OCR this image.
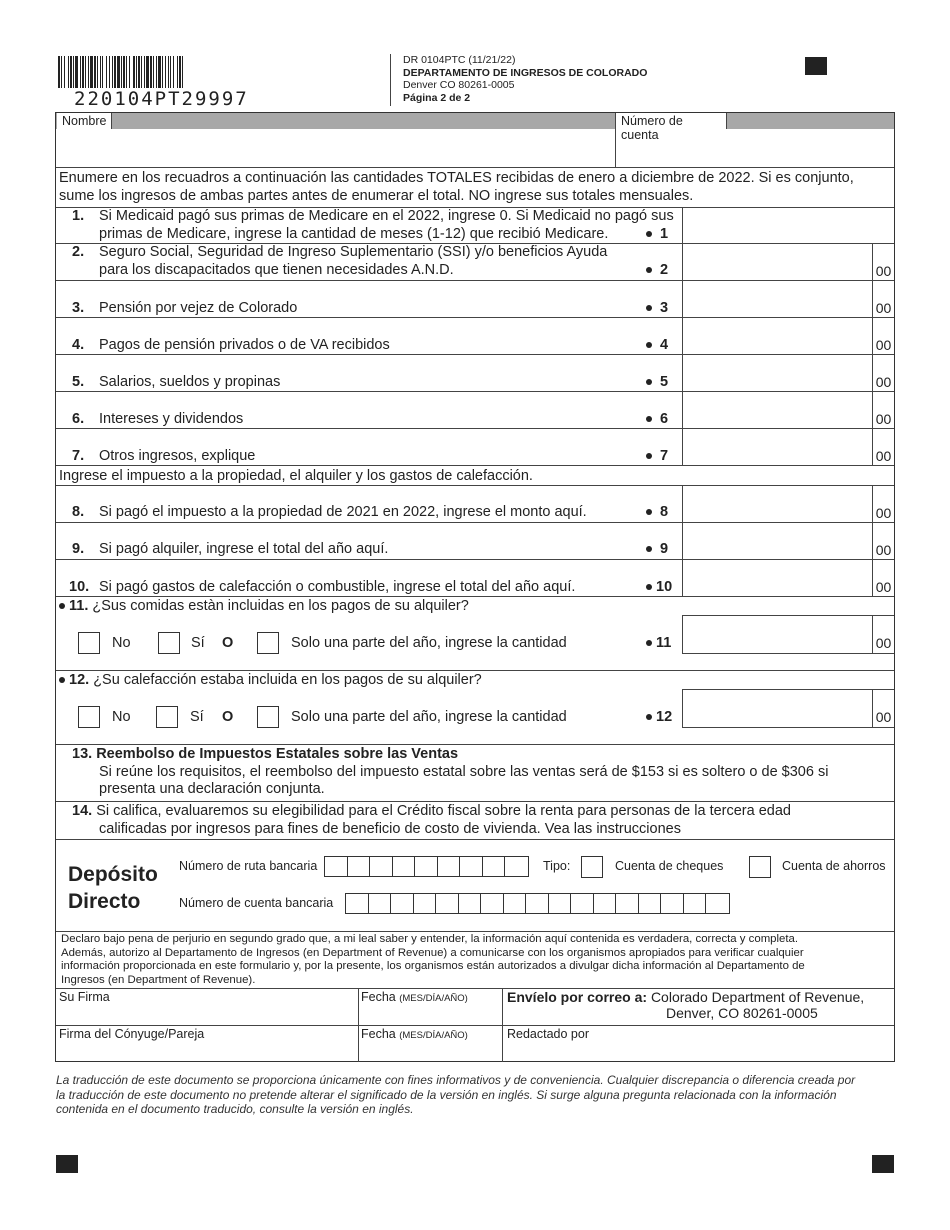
220104PT29997
DR 0104PTC (11/21/22)
DEPARTAMENTO DE INGRESOS DE COLORADO
Denver CO 80261-0005
Página 2 de 2
Nombre	Número de cuenta
Enumere en los recuadros a continuación las cantidades TOTALES recibidas de enero a diciembre de 2022. Si es conjunto,
sume los ingresos de ambas partes antes de enumerar el total. NO ingrese sus totales mensuales.
1. Si Medicaid pagó sus primas de Medicare en el 2022, ingrese 0. Si Medicaid no pagó sus
primas de Medicare, ingrese la cantidad de meses (1-12) que recibió Medicare.	1
2. Seguro Social, Seguridad de Ingreso Suplementario (SSI) y/o beneficios Ayuda
para los discapacitados que tienen necesidades A.N.D.	2	00
3. Pensión por vejez de Colorado	3	00
4. Pagos de pensión privados o de VA recibidos	4	00
5. Salarios, sueldos y propinas	5	00
6. Intereses y dividendos	6	00
7. Otros ingresos, explique	7	00
Ingrese el impuesto a la propiedad, el alquiler y los gastos de calefacción.
8. Si pagó el impuesto a la propiedad de 2021 en 2022, ingrese el monto aquí.	8	00
9. Si pagó alquiler, ingrese el total del año aquí.	9	00
10. Si pagó gastos de calefacción o combustible, ingrese el total del año aquí.	10	00
11. ¿Sus comidas estàn incluidas en los pagos de su alquiler?
No	Sí O	Solo una parte del año, ingrese la cantidad	11	00
12. ¿Su calefacción estaba incluida en los pagos de su alquiler?
No	Sí O	Solo una parte del año, ingrese la cantidad	12	00
13. Reembolso de Impuestos Estatales sobre las Ventas
Si reúne los requisitos, el reembolso del impuesto estatal sobre las ventas será de $153 si es soltero o de $306 si
presenta una declaración conjunta.
14. Si califica, evaluaremos su elegibilidad para el Crédito fiscal sobre la renta para personas de la tercera edad
calificadas por ingresos para fines de beneficio de costo de vivienda. Vea las instrucciones
Depósito
Directo
Número de ruta bancaria	Tipo:	Cuenta de cheques	Cuenta de ahorros
Número de cuenta bancaria
Declaro bajo pena de perjurio en segundo grado que, a mi leal saber y entender, la información aquí contenida es verdadera, correcta y completa.
Además, autorizo al Departamento de Ingresos (en Department of Revenue) a comunicarse con los organismos apropiados para verificar cualquier
información proporcionada en este formulario y, por la presente, los organismos están autorizados a divulgar dicha información al Departamento de
Ingresos (en Department of Revenue).
Su Firma	Fecha (MES/DÍA/AÑO)	Envíelo por correo a: Colorado Department of Revenue,
Denver, CO 80261-0005
Firma del Cónyuge/Pareja	Fecha (MES/DÍA/AÑO)	Redactado por
La traducción de este documento se proporciona únicamente con fines informativos y de conveniencia. Cualquier discrepancia o diferencia creada por
la traducción de este documento no pretende alterar el significado de la versión en inglés. Si surge alguna pregunta relacionada con la información
contenida en el documento traducido, consulte la versión en inglés.
